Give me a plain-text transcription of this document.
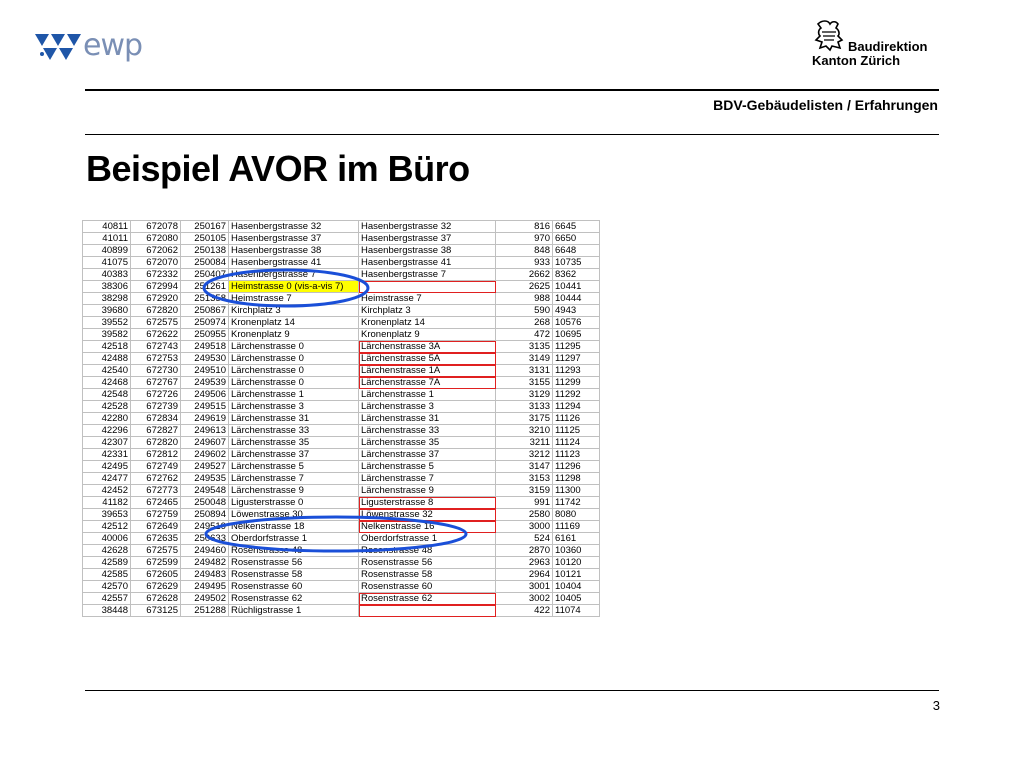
ewp	Baudirektion
Kanton Zürich
BDV-Gebäudelisten / Erfahrungen
Beispiel AVOR im Büro
40811	672078	250167	Hasenbergstrasse 32	Hasenbergstrasse 32	816	6645
41011	672080	250105	Hasenbergstrasse 37	Hasenbergstrasse 37	970	6650
40899	672062	250138	Hasenbergstrasse 38	Hasenbergstrasse 38	848	6648
41075	672070	250084	Hasenbergstrasse 41	Hasenbergstrasse 41	933	10735
40383	672332	250407	Hasenbergstrasse 7	Hasenbergstrasse 7	2662	8362
38306	672994	251261	Heimstrasse 0 (vis-a-vis 7)		2625	10441
38298	672920	251358	Heimstrasse 7	Heimstrasse 7	988	10444
39680	672820	250867	Kirchplatz 3	Kirchplatz 3	590	4943
39552	672575	250974	Kronenplatz 14	Kronenplatz 14	268	10576
39582	672622	250955	Kronenplatz 9	Kronenplatz 9	472	10695
42518	672743	249518	Lärchenstrasse 0	Lärchenstrasse 3A	3135	11295
42488	672753	249530	Lärchenstrasse 0	Lärchenstrasse 5A	3149	11297
42540	672730	249510	Lärchenstrasse 0	Lärchenstrasse 1A	3131	11293
42468	672767	249539	Lärchenstrasse 0	Lärchenstrasse 7A	3155	11299
42548	672726	249506	Lärchenstrasse 1	Lärchenstrasse 1	3129	11292
42528	672739	249515	Lärchenstrasse 3	Lärchenstrasse 3	3133	11294
42280	672834	249619	Lärchenstrasse 31	Lärchenstrasse 31	3175	11126
42296	672827	249613	Lärchenstrasse 33	Lärchenstrasse 33	3210	11125
42307	672820	249607	Lärchenstrasse 35	Lärchenstrasse 35	3211	11124
42331	672812	249602	Lärchenstrasse 37	Lärchenstrasse 37	3212	11123
42495	672749	249527	Lärchenstrasse 5	Lärchenstrasse 5	3147	11296
42477	672762	249535	Lärchenstrasse 7	Lärchenstrasse 7	3153	11298
42452	672773	249548	Lärchenstrasse 9	Lärchenstrasse 9	3159	11300
41182	672465	250048	Ligusterstrasse 0	Ligusterstrasse 8	991	11742
39653	672759	250894	Löwenstrasse 30	Löwenstrasse 32	2580	8080
42512	672649	249519	Nelkenstrasse 18	Nelkenstrasse 16	3000	11169
40006	672635	250633	Oberdorfstrasse 1	Oberdorfstrasse 1	524	6161
42628	672575	249460	Rosenstrasse 48	Rosenstrasse 48	2870	10360
42589	672599	249482	Rosenstrasse 56	Rosenstrasse 56	2963	10120
42585	672605	249483	Rosenstrasse 58	Rosenstrasse 58	2964	10121
42570	672629	249495	Rosenstrasse 60	Rosenstrasse 60	3001	10404
42557	672628	249502	Rosenstrasse 62	Rosenstrasse 62	3002	10405
38448	673125	251288	Rüchligstrasse 1		422	11074
3
